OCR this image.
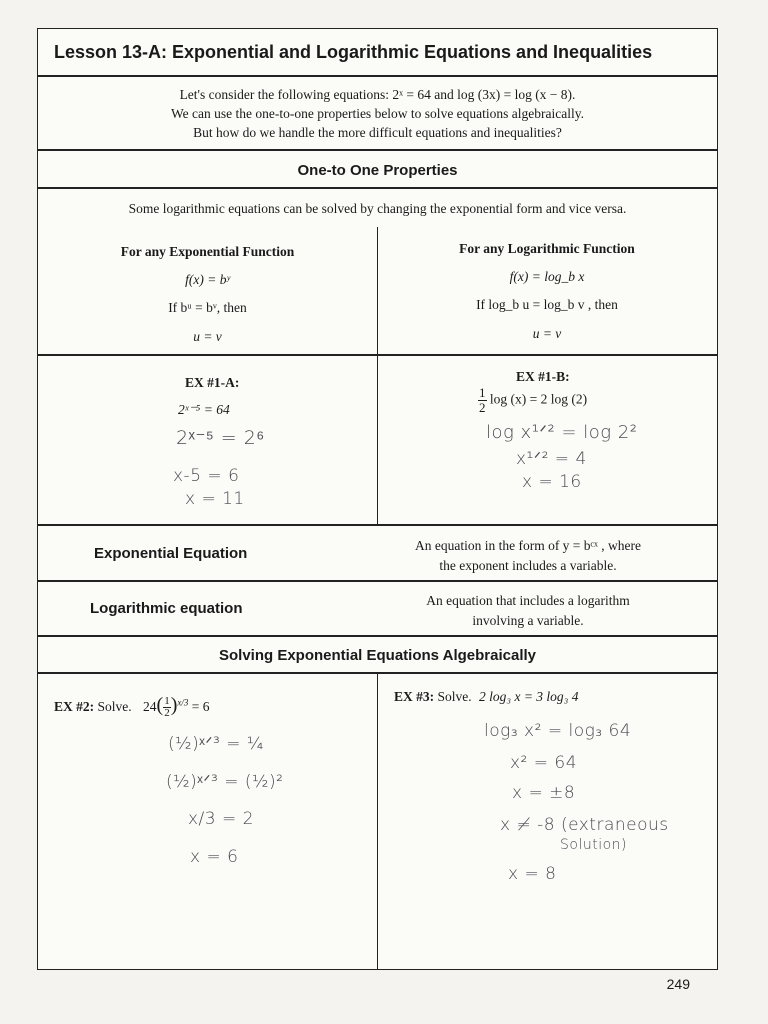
Lesson 13-A: Exponential and Logarithmic Equations and Inequalities
Let's consider the following equations: 2ˣ = 64 and log (3x) = log (x − 8).
We can use the one-to-one properties below to solve equations algebraically.
But how do we handle the more difficult equations and inequalities?
One-to One Properties
Some logarithmic equations can be solved by changing the exponential form and vice versa.
For any Exponential Function
f(x) = bʸ
If bᵘ = bᵛ, then
u = v
For any Logarithmic Function
f(x) = log_b x
If log_b u = log_b v , then
u = v
EX #1-A:
2ˣ⁻⁵ = 64
2ˣ⁻⁵ = 2⁶
x-5 = 6
x = 11
EX #1-B:
$\frac{1}{2}$ log (x) = 2 log (2)
log x¹ᐟ² = log 2²
x¹ᐟ² = 4
x = 16
Exponential Equation	An equation in the form of y = bᶜˣ , where
the exponent includes a variable.
Logarithmic equation	An equation that includes a logarithm
involving a variable.
Solving Exponential Equations Algebraically
EX #2: Solve. $24( \frac{1}{2} )^{x/3} = 6$
(½)ˣᐟ³ = ¼
(½)ˣᐟ³ = (½)²
x/3 = 2
x = 6
EX #3: Solve. 2 log₃ x = 3 log₃ 4
log₃ x² = log₃ 64
x² = 64
x = ±8
x ≠ -8 (extraneous
Solution)
x = 8
249
